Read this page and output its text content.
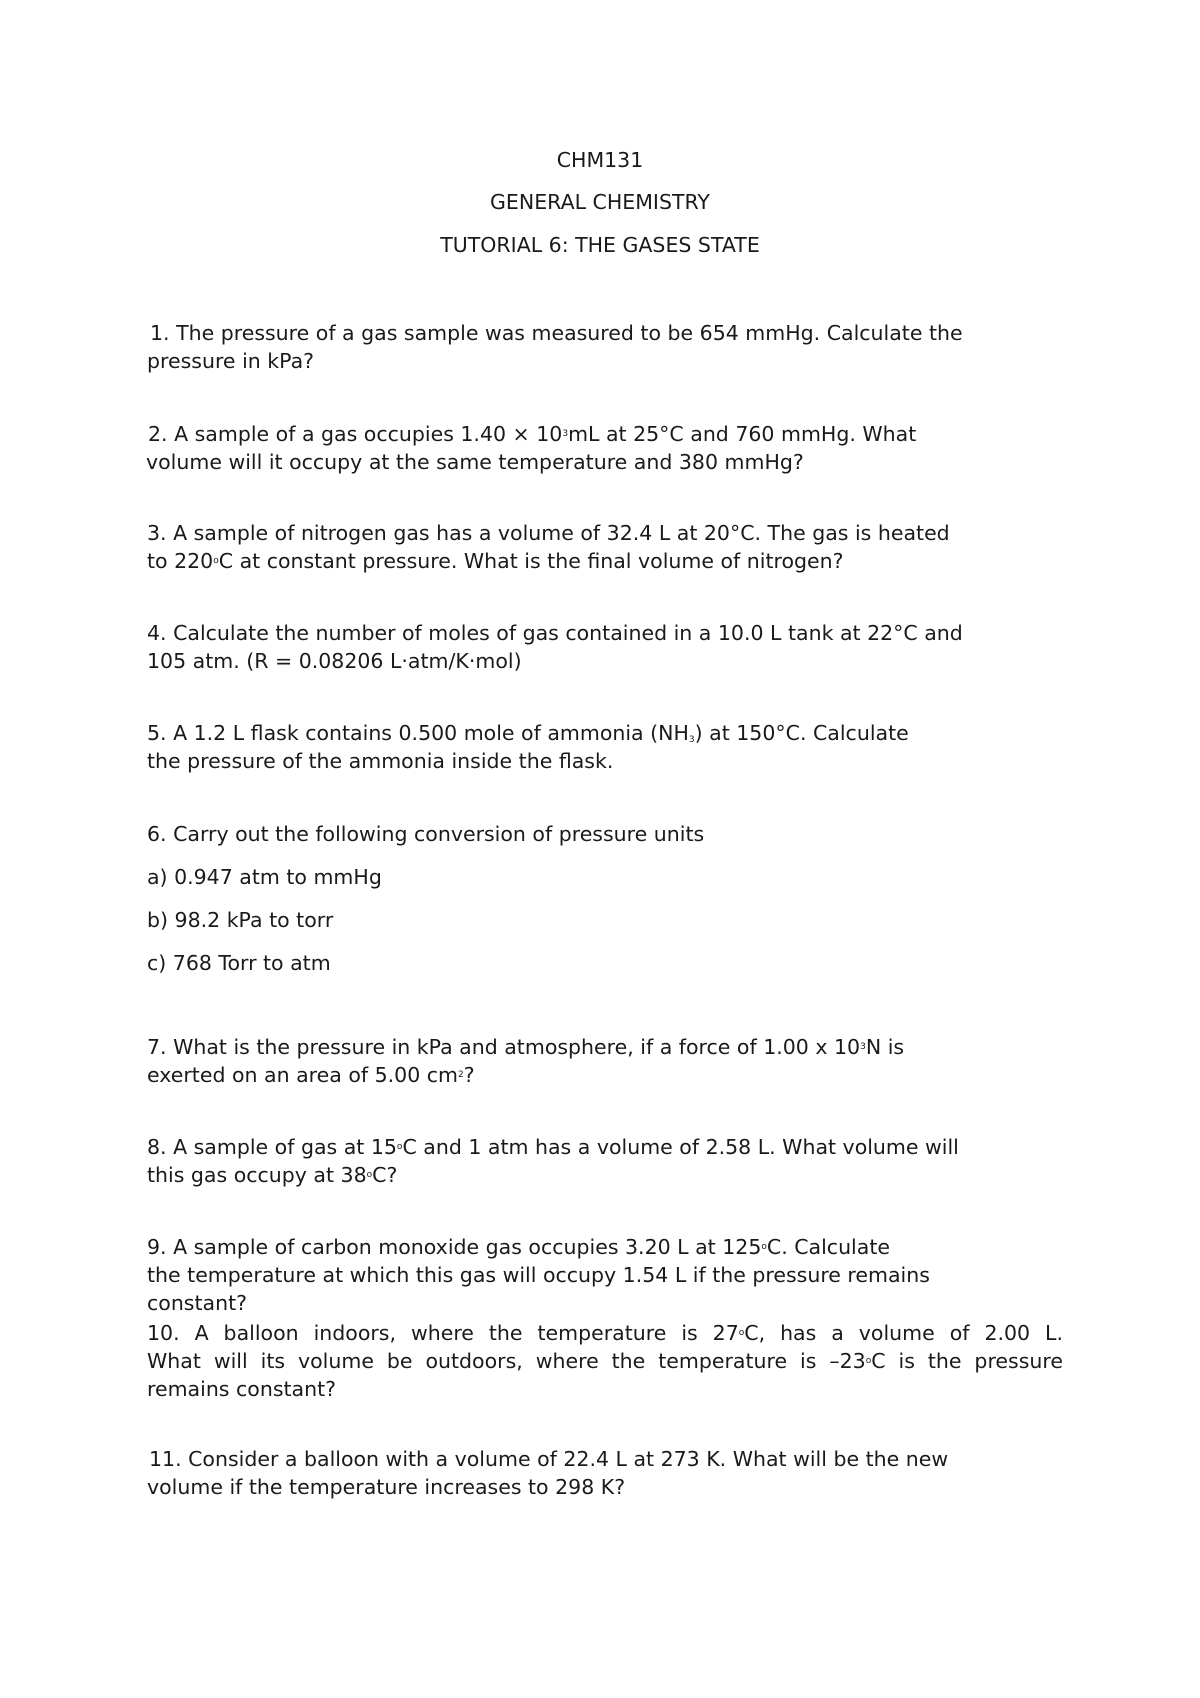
CHM131
GENERAL CHEMISTRY
TUTORIAL 6: THE GASES STATE
1. The pressure of a gas sample was measured to be 654 mmHg. Calculate the
pressure in kPa?
2. A sample of a gas occupies $1.40 \times 10^3mL$ at 25°C and 760 mmHg. What
volume will it occupy at the same temperature and 380 mmHg?
3. A sample of nitrogen gas has a volume of 32.4 L at 20°C. The gas is heated
to 220$^o$C at constant pressure. What is the final volume of nitrogen?
4. Calculate the number of moles of gas contained in a 10.0 L tank at 22°C and
105 atm. (R = 0.08206 L·atm/K·mol)
5. A 1.2 L flask contains 0.500 mole of ammonia $(NH_3)$ at 150°C. Calculate
the pressure of the ammonia inside the flask.
6. Carry out the following conversion of pressure units
a) 0.947 atm to mmHg
b) 98.2 kPa to torr
c) 768 Torr to atm
7. What is the pressure in kPa and atmosphere, if a force of 1.00 x $10^3N$ is
exerted on an area of 5.00 $cm^2$?
8. A sample of gas at 15$^o$C and 1 atm has a volume of 2.58 L. What volume will
this gas occupy at 38$^o$C?
9. A sample of carbon monoxide gas occupies 3.20 L at 125$^o$C. Calculate
the temperature at which this gas will occupy 1.54 L if the pressure remains
constant?
10. A balloon indoors, where the temperature is 27$^o$C, has a volume of 2.00 L.
What will its volume be outdoors, where the temperature is –23$^o$C is the pressure
remains constant?
11. Consider a balloon with a volume of 22.4 L at 273 K. What will be the new
volume if the temperature increases to 298 K?
